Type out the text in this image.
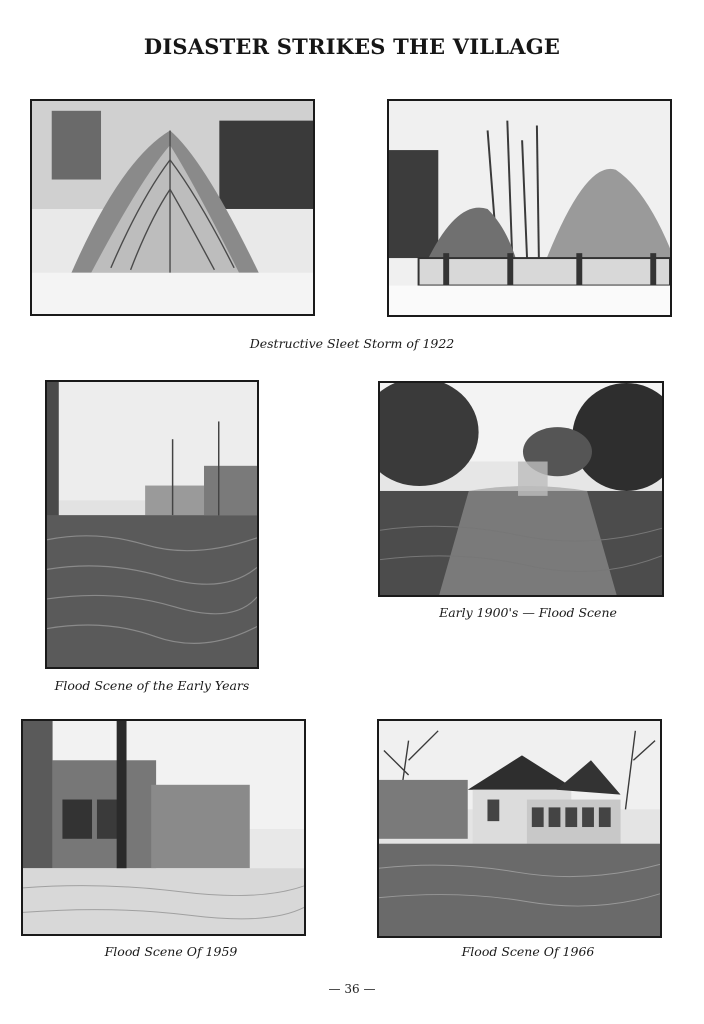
DISASTER STRIKES THE VILLAGE
Destructive Sleet Storm of 1922
Early 1900's — Flood Scene
Flood Scene of the Early Years
Flood Scene Of 1959	Flood Scene Of 1966
— 36 —
